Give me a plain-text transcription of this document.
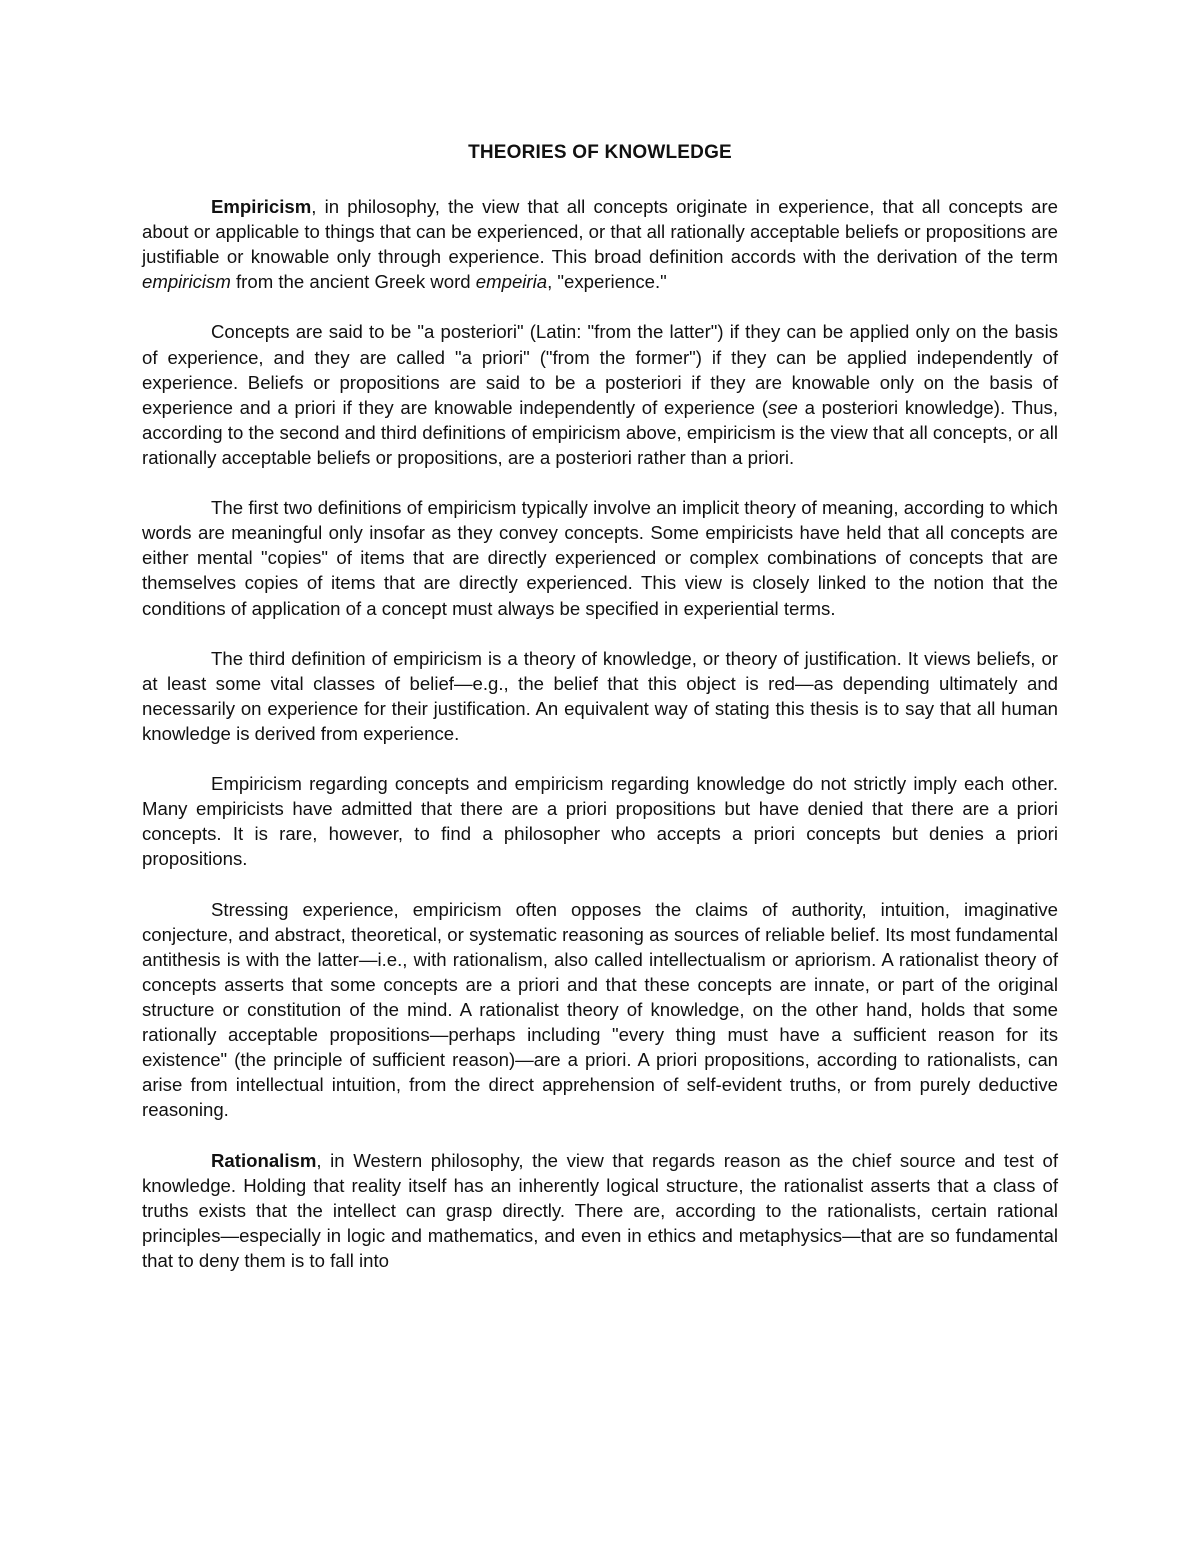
THEORIES OF KNOWLEDGE

Empiricism, in philosophy, the view that all concepts originate in experience, that all concepts are about or applicable to things that can be experienced, or that all rationally acceptable beliefs or propositions are justifiable or knowable only through experience. This broad definition accords with the derivation of the term empiricism from the ancient Greek word empeiria, "experience."

Concepts are said to be "a posteriori" (Latin: "from the latter") if they can be applied only on the basis of experience, and they are called "a priori" ("from the former") if they can be applied independently of experience. Beliefs or propositions are said to be a posteriori if they are knowable only on the basis of experience and a priori if they are knowable independently of experience (see a posteriori knowledge). Thus, according to the second and third definitions of empiricism above, empiricism is the view that all concepts, or all rationally acceptable beliefs or propositions, are a posteriori rather than a priori.

The first two definitions of empiricism typically involve an implicit theory of meaning, according to which words are meaningful only insofar as they convey concepts. Some empiricists have held that all concepts are either mental "copies" of items that are directly experienced or complex combinations of concepts that are themselves copies of items that are directly experienced. This view is closely linked to the notion that the conditions of application of a concept must always be specified in experiential terms.

The third definition of empiricism is a theory of knowledge, or theory of justification. It views beliefs, or at least some vital classes of belief—e.g., the belief that this object is red—as depending ultimately and necessarily on experience for their justification. An equivalent way of stating this thesis is to say that all human knowledge is derived from experience.

Empiricism regarding concepts and empiricism regarding knowledge do not strictly imply each other. Many empiricists have admitted that there are a priori propositions but have denied that there are a priori concepts. It is rare, however, to find a philosopher who accepts a priori concepts but denies a priori propositions.

Stressing experience, empiricism often opposes the claims of authority, intuition, imaginative conjecture, and abstract, theoretical, or systematic reasoning as sources of reliable belief. Its most fundamental antithesis is with the latter—i.e., with rationalism, also called intellectualism or apriorism. A rationalist theory of concepts asserts that some concepts are a priori and that these concepts are innate, or part of the original structure or constitution of the mind. A rationalist theory of knowledge, on the other hand, holds that some rationally acceptable propositions—perhaps including "every thing must have a sufficient reason for its existence" (the principle of sufficient reason)—are a priori. A priori propositions, according to rationalists, can arise from intellectual intuition, from the direct apprehension of self-evident truths, or from purely deductive reasoning.

Rationalism, in Western philosophy, the view that regards reason as the chief source and test of knowledge. Holding that reality itself has an inherently logical structure, the rationalist asserts that a class of truths exists that the intellect can grasp directly. There are, according to the rationalists, certain rational principles—especially in logic and mathematics, and even in ethics and metaphysics—that are so fundamental that to deny them is to fall into
